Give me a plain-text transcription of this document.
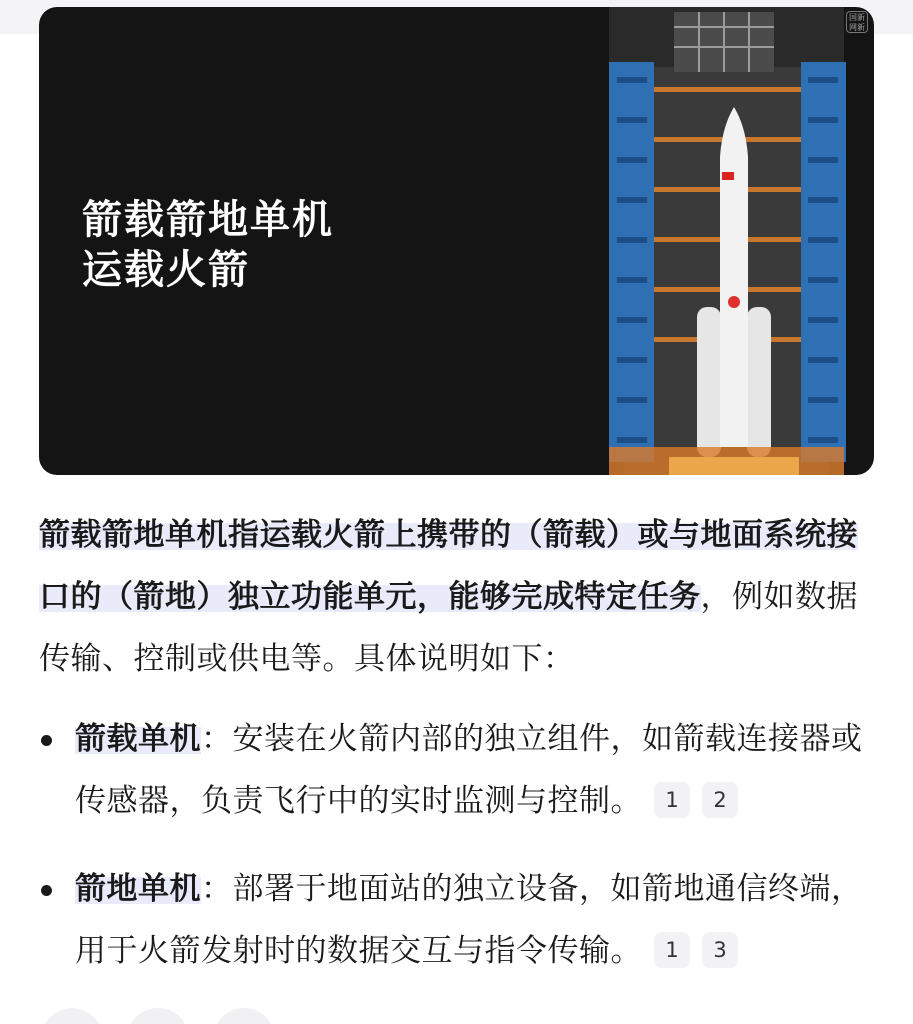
箭载箭地单机
运载火箭
国新
网新

箭载箭地单机指运载火箭上携带的（箭载）或与地面系统接口的（箭地）独立功能单元，能够完成特定任务，例如数据传输、控制或供电等。具体说明如下：

箭载单机：安装在火箭内部的独立组件，如箭载连接器或传感器，负责飞行中的实时监测与控制。 1 2
箭地单机：部署于地面站的独立设备，如箭地通信终端，用于火箭发射时的数据交互与指令传输。 1 3
